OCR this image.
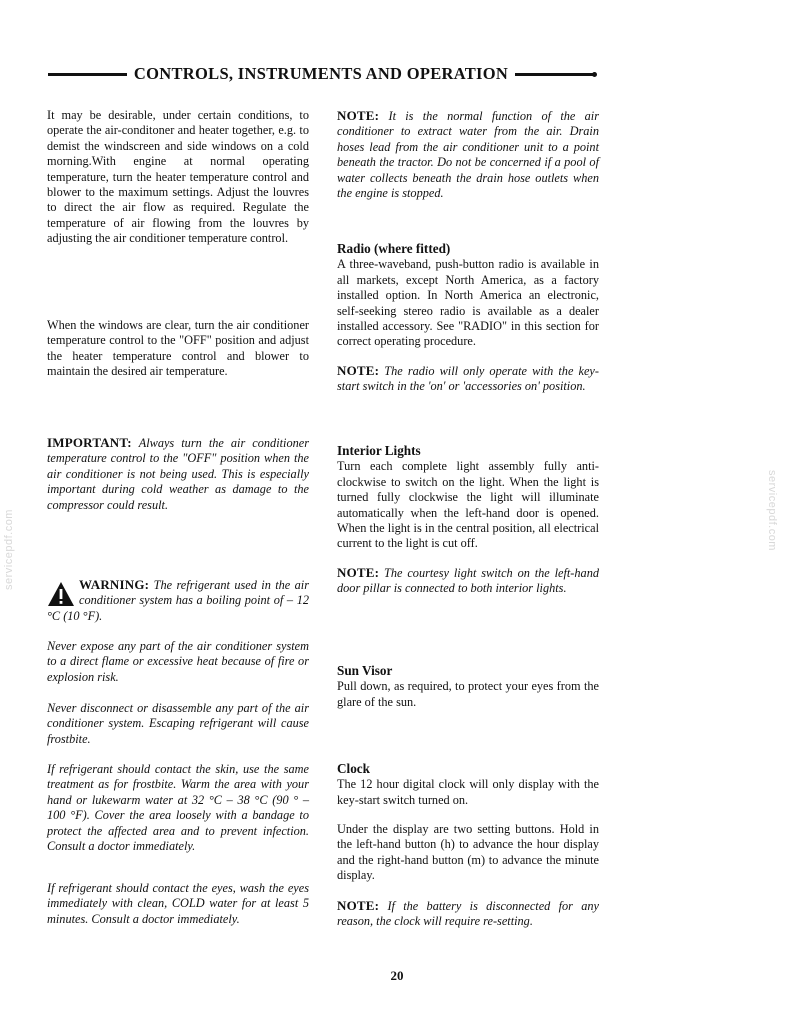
CONTROLS, INSTRUMENTS AND OPERATION

It may be desirable, under certain conditions, to operate the air-conditoner and heater together, e.g. to demist the windscreen and side windows on a cold morning.With engine at normal operating temperature, turn the heater temperature control and blower to the maximum settings. Adjust the louvres to direct the air flow as required. Regulate the temperature of air flowing from the louvres by adjusting the air conditioner temperature control.

When the windows are clear, turn the air conditioner temperature control to the "OFF" position and adjust the heater temperature control and blower to maintain the desired air temperature.

IMPORTANT: Always turn the air conditioner temperature control to the "OFF" position when the air conditioner is not being used. This is especially important during cold weather as damage to the compressor could result.

WARNING: The refrigerant used in the air conditioner system has a boiling point of – 12 °C (10 °F).

Never expose any part of the air conditioner system to a direct flame or excessive heat because of fire or explosion risk.

Never disconnect or disassemble any part of the air conditioner system. Escaping refrigerant will cause frostbite.

If refrigerant should contact the skin, use the same treatment as for frostbite. Warm the area with your hand or lukewarm water at 32 °C – 38 °C (90 ° – 100 °F). Cover the area loosely with a bandage to protect the affected area and to prevent infection. Consult a doctor immediately.

If refrigerant should contact the eyes, wash the eyes immediately with clean, COLD water for at least 5 minutes. Consult a doctor immediately.

NOTE: It is the normal function of the air conditioner to extract water from the air. Drain hoses lead from the air conditioner unit to a point beneath the tractor. Do not be concerned if a pool of water collects beneath the drain hose outlets when the engine is stopped.

Radio (where fitted)

A three-waveband, push-button radio is available in all markets, except North America, as a factory installed option. In North America an electronic, self-seeking stereo radio is available as a dealer installed accessory. See "RADIO" in this section for correct operating procedure.

NOTE: The radio will only operate with the key-start switch in the 'on' or 'accessories on' position.

Interior Lights

Turn each complete light assembly fully anti-clockwise to switch on the light. When the light is turned fully clockwise the light will illuminate automatically when the left-hand door is opened. When the light is in the central position, all electrical current to the light is cut off.

NOTE: The courtesy light switch on the left-hand door pillar is connected to both interior lights.

Sun Visor

Pull down, as required, to protect your eyes from the glare of the sun.

Clock

The 12 hour digital clock will only display with the key-start switch turned on.

Under the display are two setting buttons. Hold in the left-hand button (h) to advance the hour display and the right-hand button (m) to advance the minute display.

NOTE: If the battery is disconnected for any reason, the clock will require re-setting.

20
servicepdf.com	servicepdf.com
